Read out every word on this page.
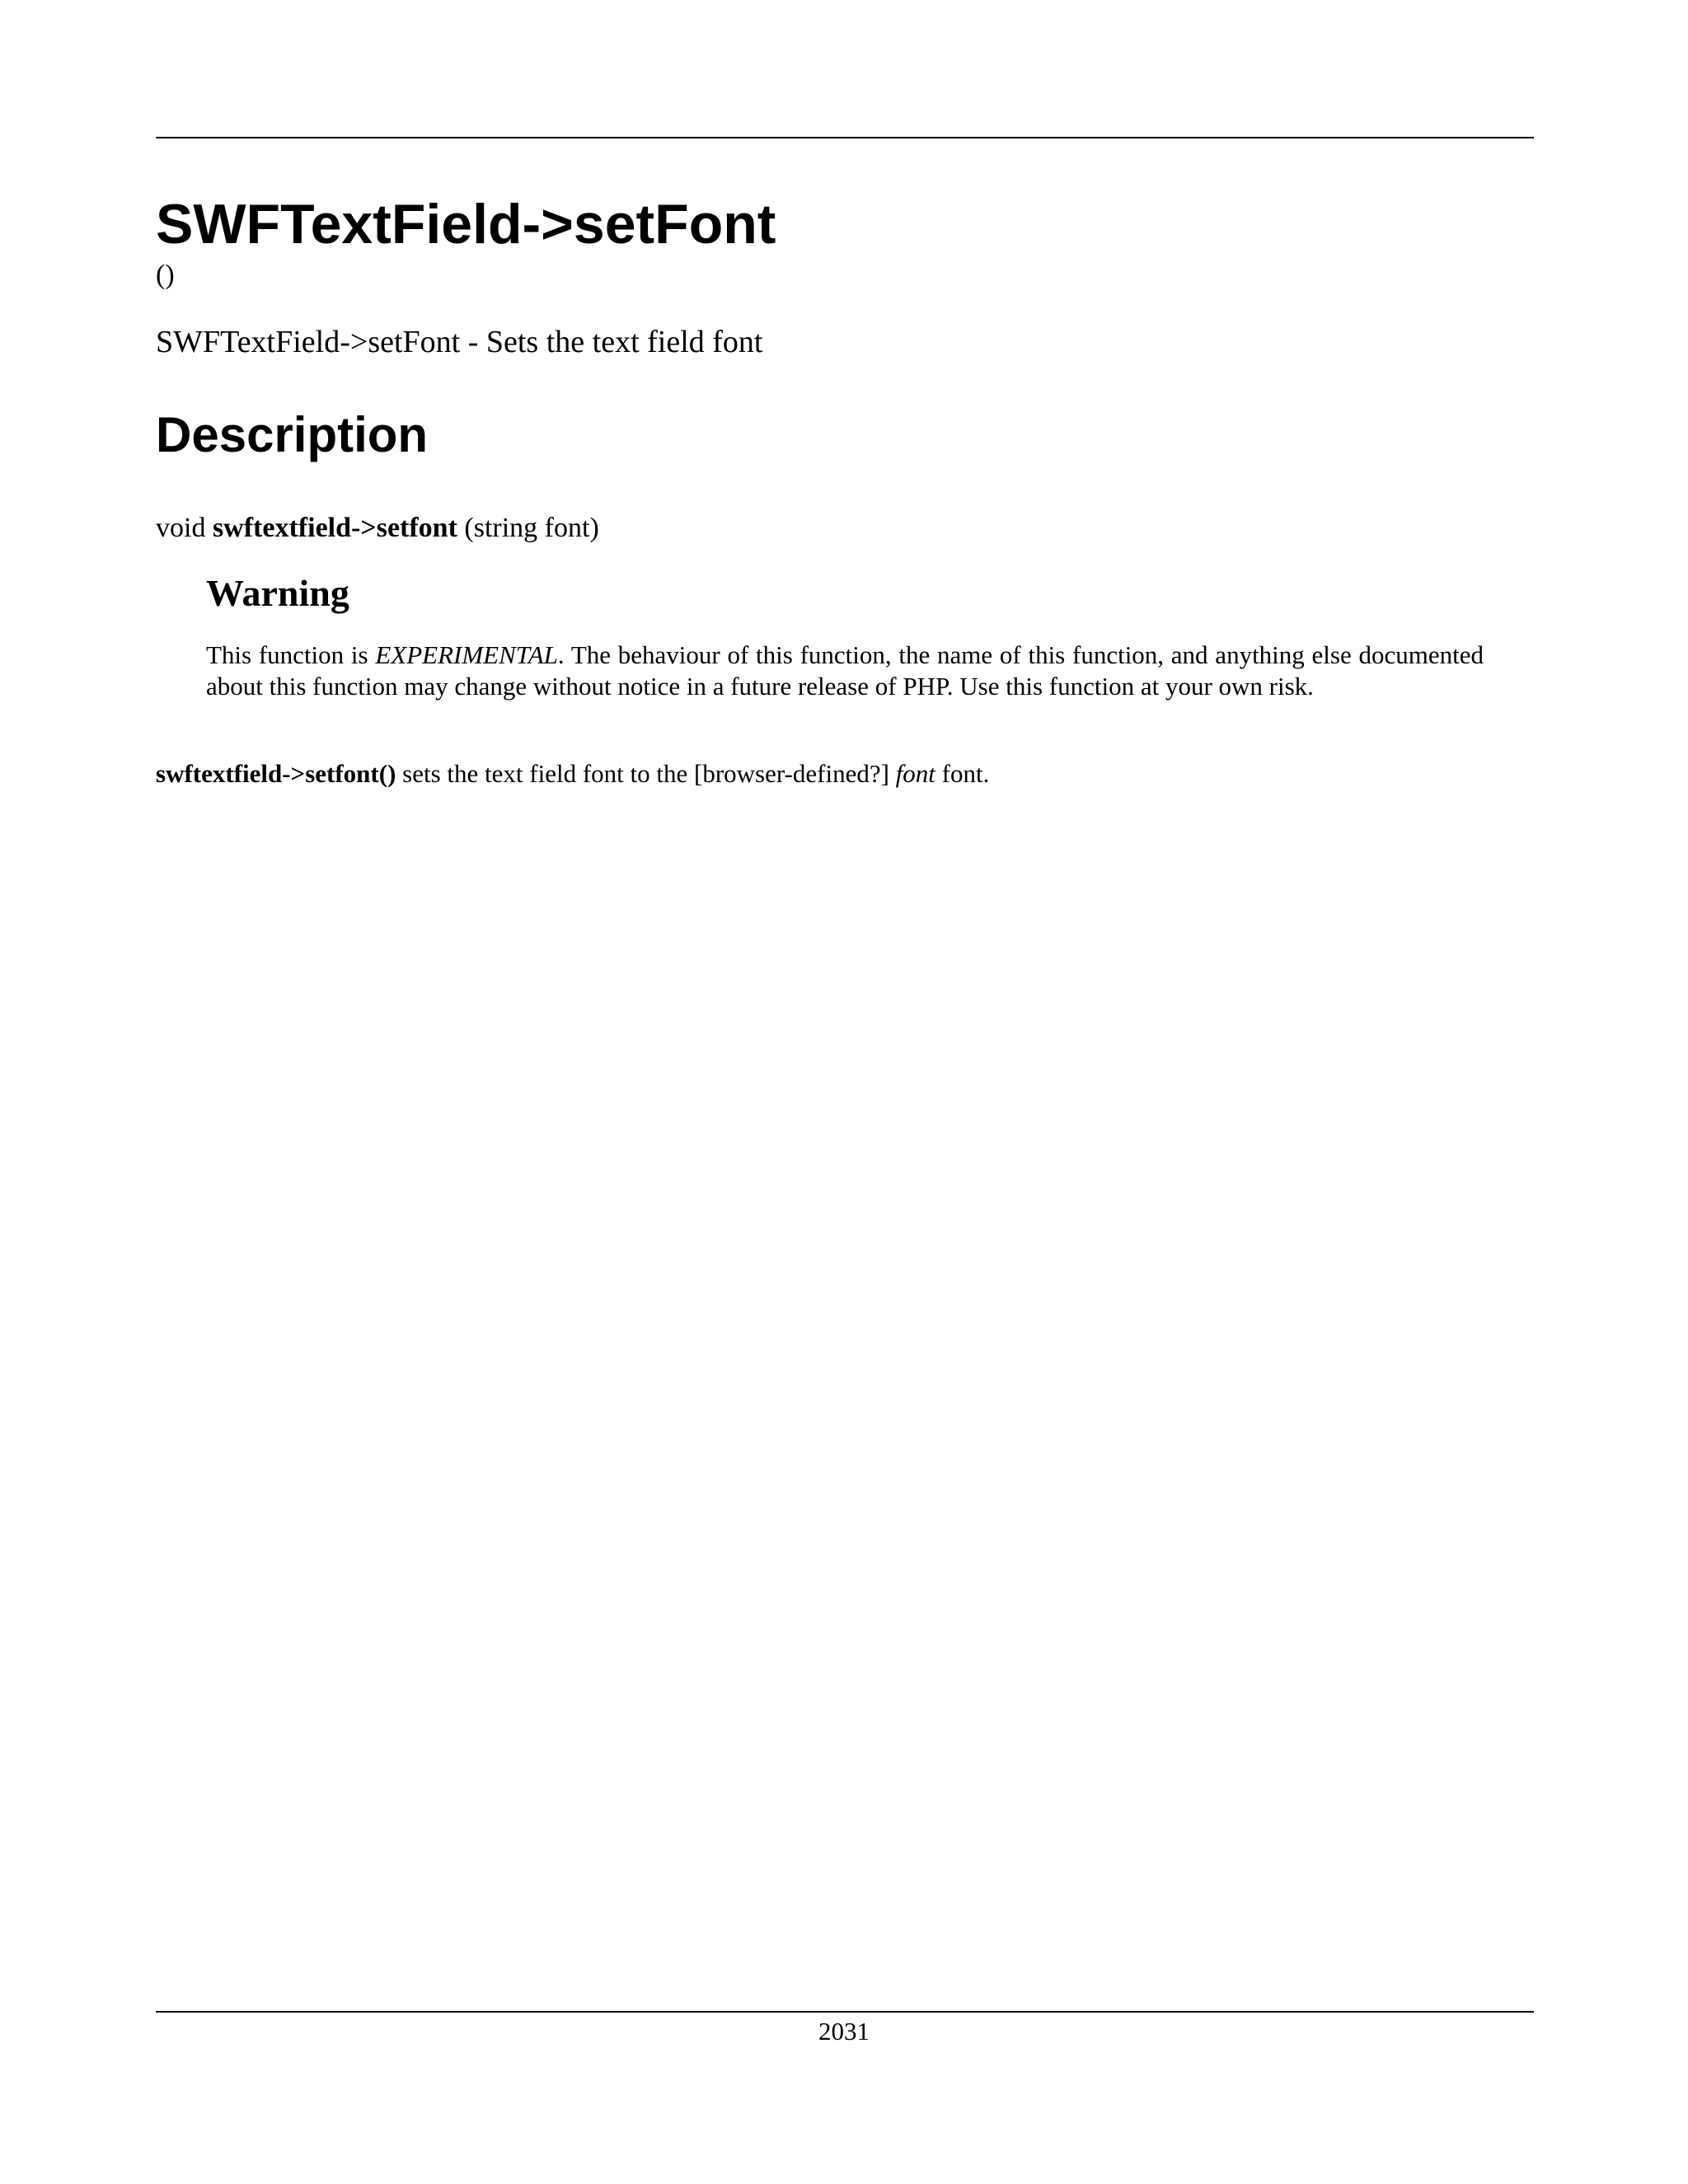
SWFTextField->setFont
()
SWFTextField->setFont - Sets the text field font
Description
void swftextfield->setfont (string font)
Warning

This function is EXPERIMENTAL. The behaviour of this function, the name of this function, and anything else documented about this function may change without notice in a future release of PHP. Use this function at your own risk.

swftextfield->setfont() sets the text field font to the [browser-defined?] font font.

2031
